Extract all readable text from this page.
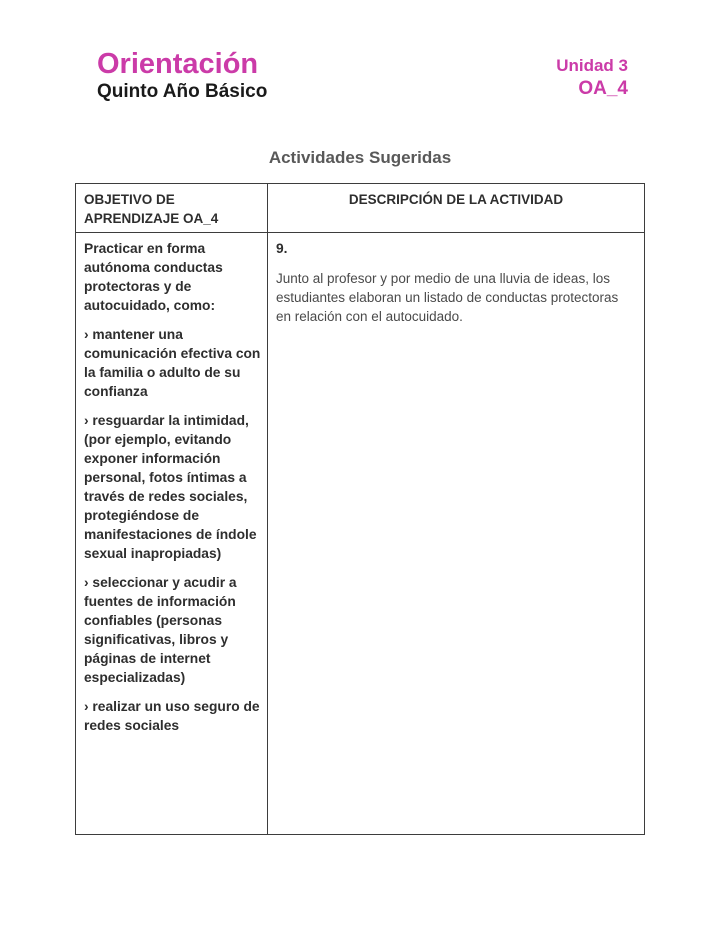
Orientación
Quinto Año Básico
Unidad 3
OA_4
Actividades Sugeridas
OBJETIVO DE APRENDIZAJE OA_4
DESCRIPCIÓN DE LA ACTIVIDAD

Practicar en forma autónoma conductas protectoras y de autocuidado, como:

› mantener una comunicación efectiva con la familia o adulto de su confianza

› resguardar la intimidad, (por ejemplo, evitando exponer información personal, fotos íntimas a través de redes sociales, protegiéndose de manifestaciones de índole sexual inapropiadas)

› seleccionar y acudir a fuentes de información confiables (personas significativas, libros y páginas de internet especializadas)

› realizar un uso seguro de redes sociales

9.
Junto al profesor y por medio de una lluvia de ideas, los estudiantes elaboran un listado de conductas protectoras en relación con el autocuidado.
